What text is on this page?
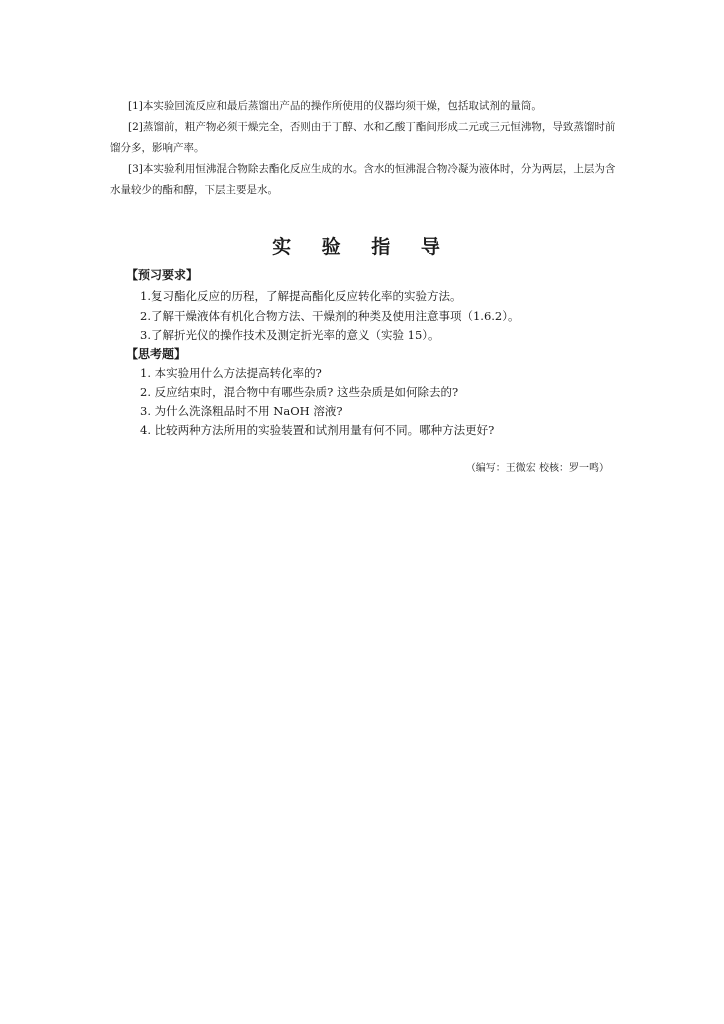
[1]本实验回流反应和最后蒸馏出产品的操作所使用的仪器均须干燥，包括取试剂的量筒。

[2]蒸馏前，粗产物必须干燥完全，否则由于丁醇、水和乙酸丁酯间形成二元或三元恒沸物，导致蒸馏时前馏分多，影响产率。

[3]本实验利用恒沸混合物除去酯化反应生成的水。含水的恒沸混合物冷凝为液体时，分为两层，上层为含水量较少的酯和醇，下层主要是水。

实 验 指 导
【预习要求】
1.复习酯化反应的历程，了解提高酯化反应转化率的实验方法。
2.了解干燥液体有机化合物方法、干燥剂的种类及使用注意事项（1.6.2）。
3.了解折光仪的操作技术及测定折光率的意义（实验 15）。
【思考题】
1. 本实验用什么方法提高转化率的?
2. 反应结束时，混合物中有哪些杂质? 这些杂质是如何除去的?
3. 为什么洗涤粗品时不用 NaOH 溶液?
4. 比较两种方法所用的实验装置和试剂用量有何不同。哪种方法更好?
（编写：王微宏 校核：罗一鸣）
